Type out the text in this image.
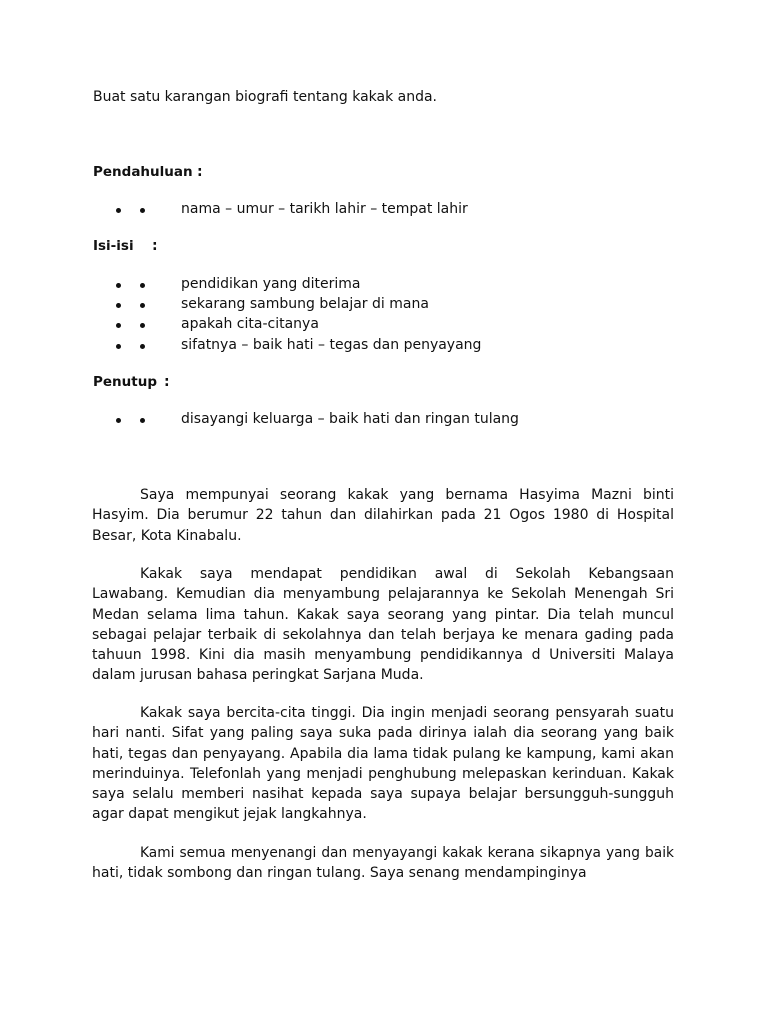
Buat satu karangan biografi tentang kakak anda.
Pendahuluan :
nama – umur – tarikh lahir – tempat lahir
Isi-isi :
pendidikan yang diterima
sekarang sambung belajar di mana
apakah cita-citanya
sifatnya – baik hati – tegas dan penyayang
Penutup :
disayangi keluarga – baik hati dan ringan tulang
Saya mempunyai seorang kakak yang bernama Hasyima Mazni binti
Hasyim. Dia berumur 22 tahun dan dilahirkan pada 21 Ogos 1980 di Hospital
Besar, Kota Kinabalu.
Kakak saya mendapat pendidikan awal di Sekolah Kebangsaan
Lawabang. Kemudian dia menyambung pelajarannya ke Sekolah Menengah Sri
Medan selama lima tahun. Kakak saya seorang yang pintar. Dia telah muncul
sebagai pelajar terbaik di sekolahnya dan telah berjaya ke menara gading pada
tahuun 1998. Kini dia masih menyambung pendidikannya d Universiti Malaya
dalam jurusan bahasa peringkat Sarjana Muda.
Kakak saya bercita-cita tinggi. Dia ingin menjadi seorang pensyarah suatu
hari nanti. Sifat yang paling saya suka pada dirinya ialah dia seorang yang baik
hati, tegas dan penyayang. Apabila dia lama tidak pulang ke kampung, kami akan
merinduinya. Telefonlah yang menjadi penghubung melepaskan kerinduan. Kakak
saya selalu memberi nasihat kepada saya supaya belajar bersungguh-sungguh
agar dapat mengikut jejak langkahnya.
Kami semua menyenangi dan menyayangi kakak kerana sikapnya yang baik
hati, tidak sombong dan ringan tulang. Saya senang mendampinginya
